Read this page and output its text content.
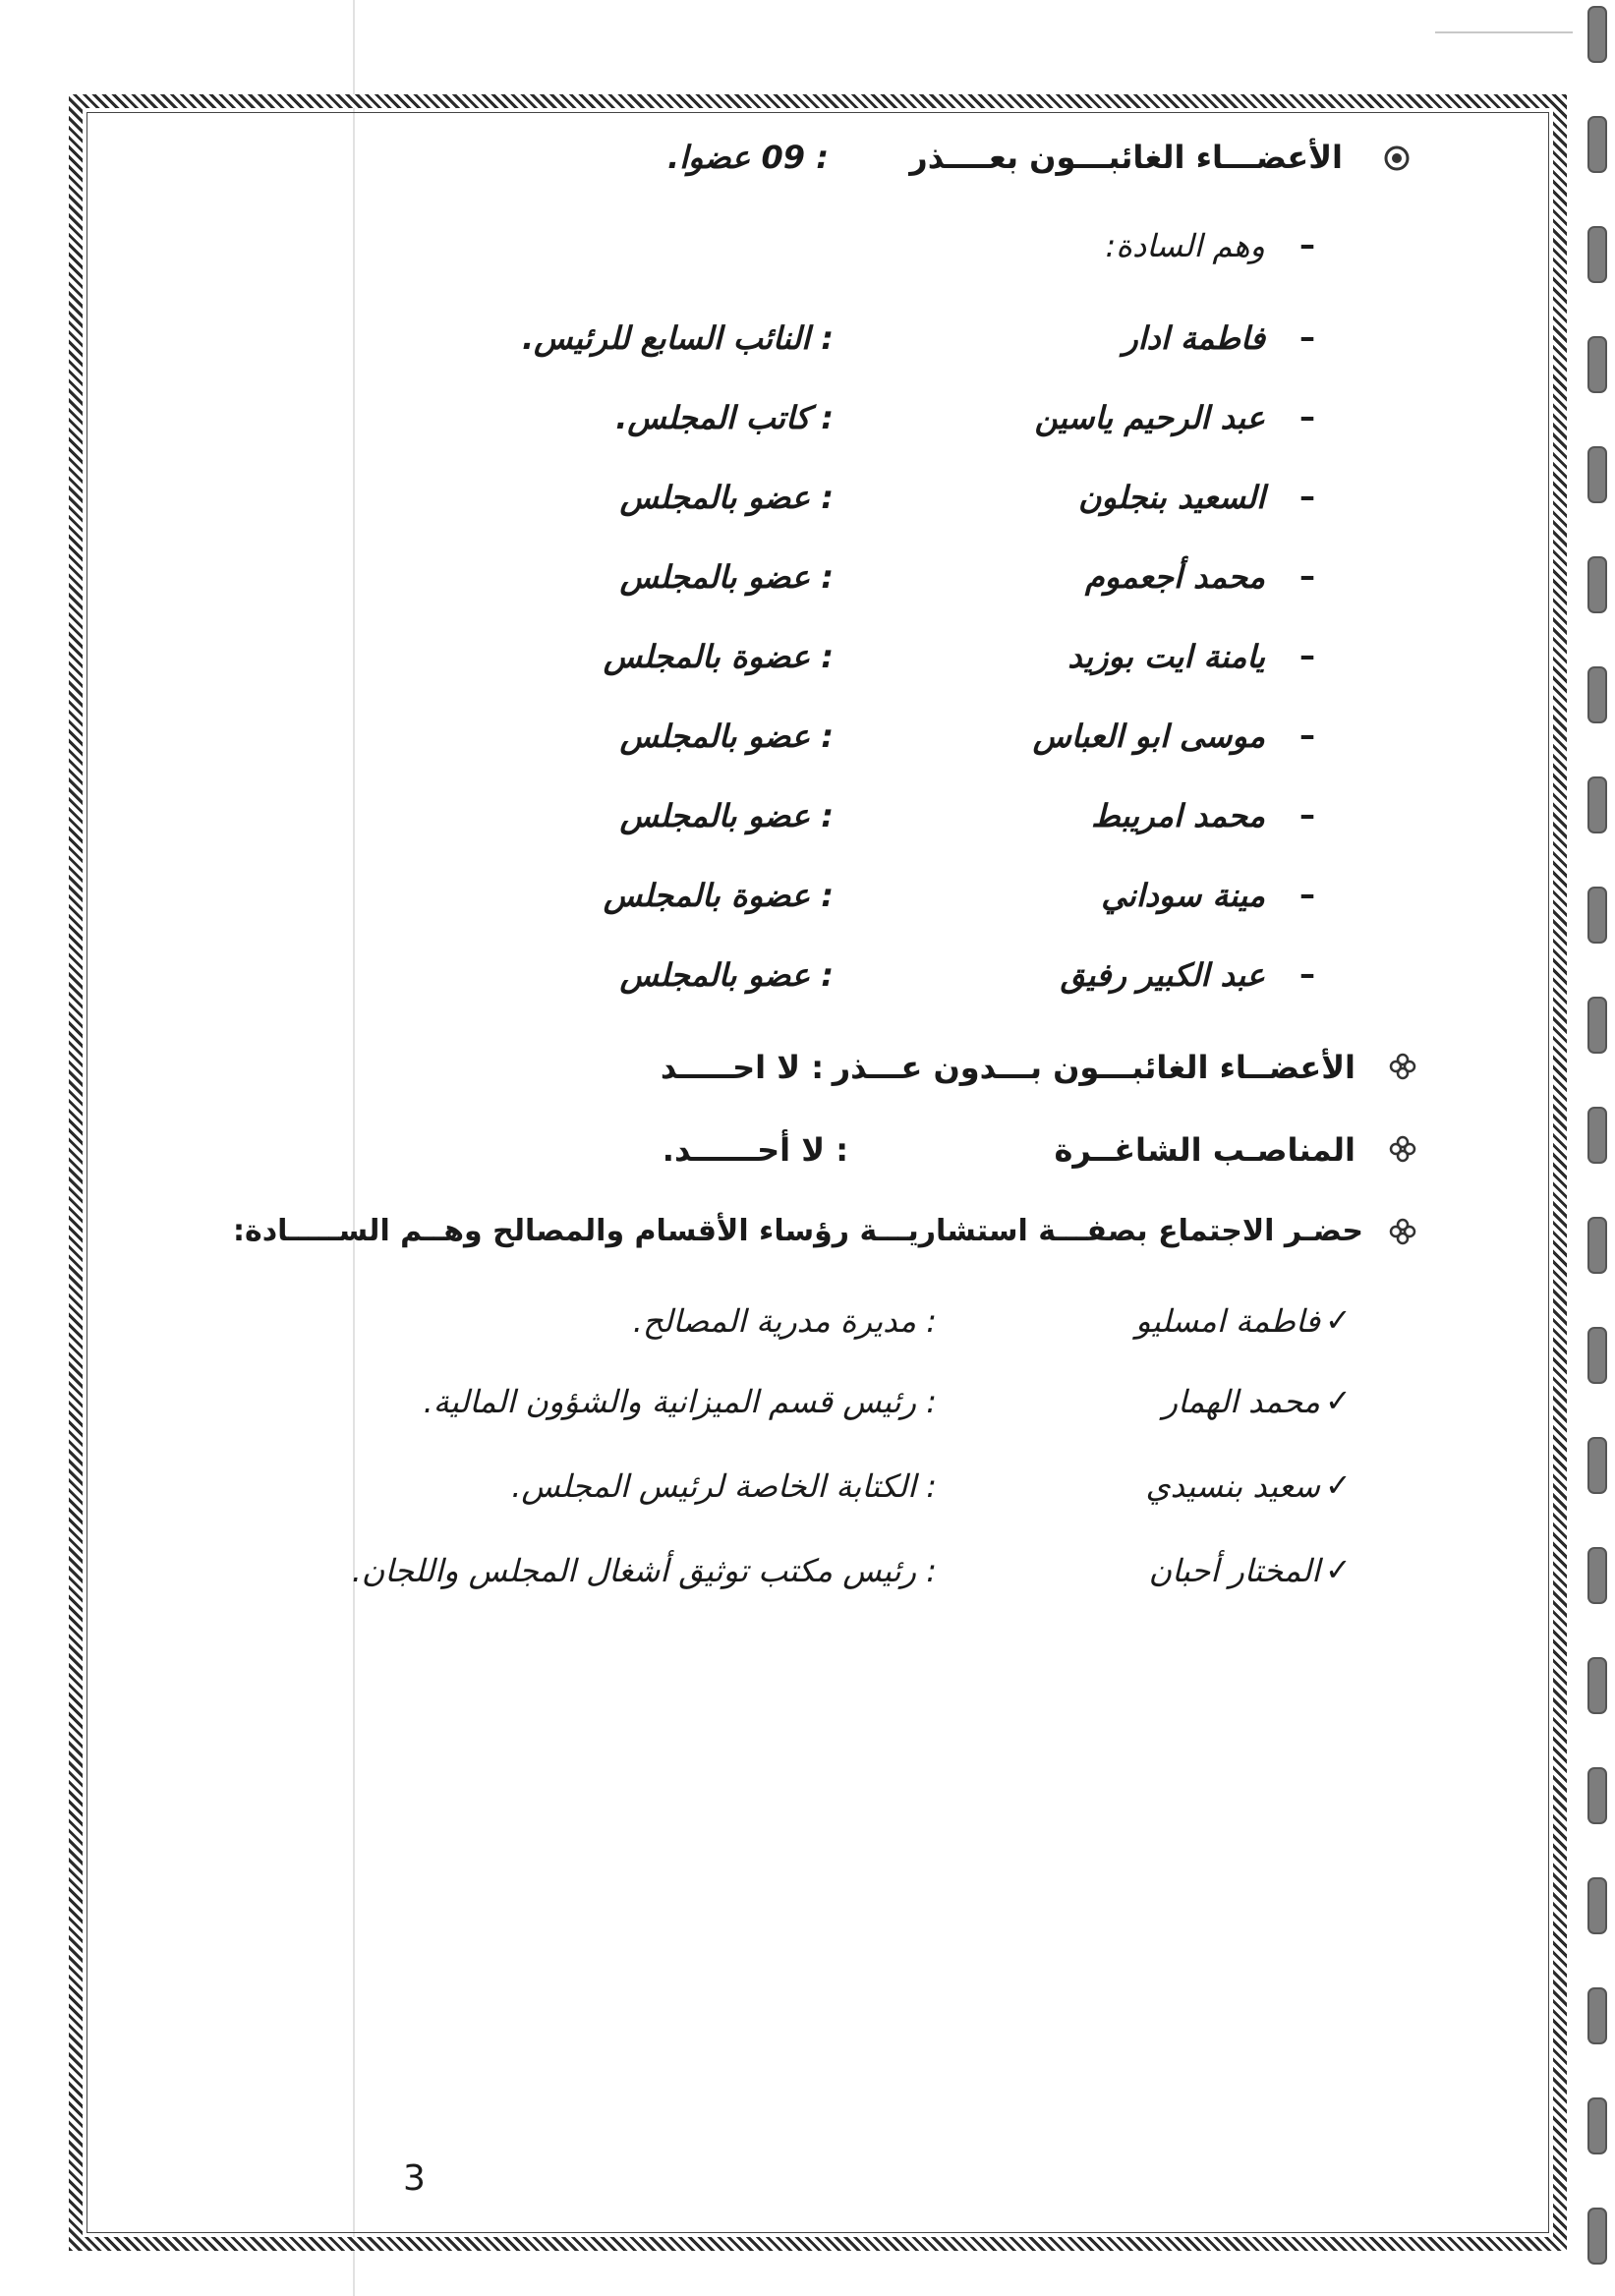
الأعضـــاء الغائبـــون بعــــذر
: 09 عضوا.
–
وهم السادة:
–
فاطمة ادار
: النائب السابع للرئيس.
–
عبد الرحيم ياسين
: كاتب المجلس.
–
السعيد بنجلون
: عضو بالمجلس
–
محمد أجعموم
: عضو بالمجلس
–
يامنة ايت بوزيد
: عضوة بالمجلس
–
موسى ابو العباس
: عضو بالمجلس
–
محمد امريبط
: عضو بالمجلس
–
مينة سوداني
: عضوة بالمجلس
–
عبد الكبير رفيق
: عضو بالمجلس
الأعضــاء الغائبـــون بـــدون عـــذر
: لا احـــــد
المناصـب الشاغــرة
: لا أحــــــد.
حضـر الاجتماع بصفـــة استشاريـــة رؤساء الأقسام والمصالح وهــم الســـــادة:
✓
فاطمة امسليو
: مديرة مدرية المصالح.
✓
محمد الهمار
: رئيس قسم الميزانية والشؤون المالية.
✓
سعيد بنسيدي
: الكتابة الخاصة لرئيس المجلس.
✓
المختار أحبان
: رئيس مكتب توثيق أشغال المجلس واللجان.
3
